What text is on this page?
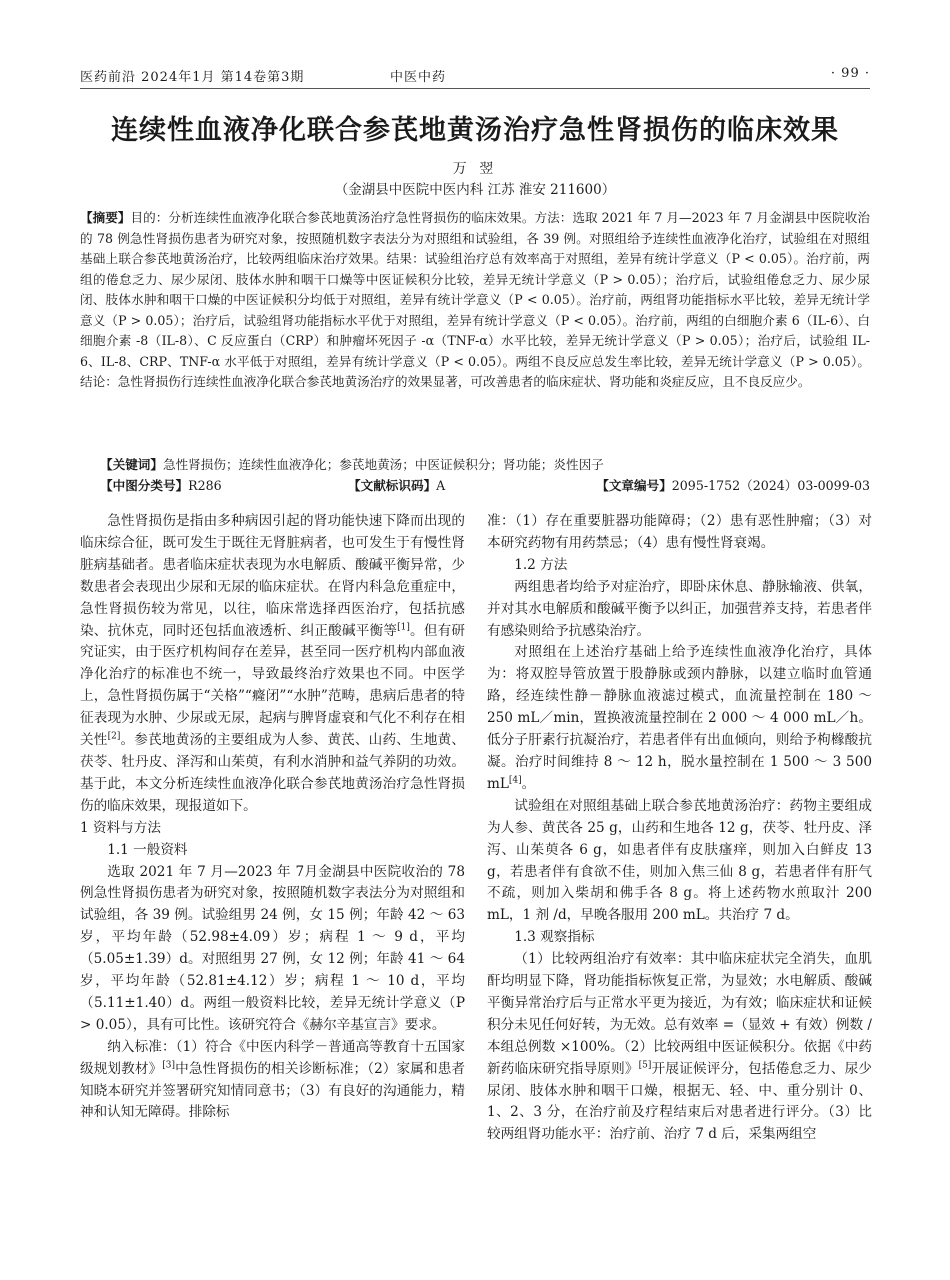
医药前沿 2024年1月 第14卷第3期	中医中药	· 99 ·
连续性血液净化联合参芪地黄汤治疗急性肾损伤的临床效果
万 翌
（金湖县中医院中医内科 江苏 淮安 211600）
【摘要】目的：分析连续性血液净化联合参芪地黄汤治疗急性肾损伤的临床效果。方法：选取 2021 年 7 月—2023 年 7 月金湖县中医院收治的 78 例急性肾损伤患者为研究对象，按照随机数字表法分为对照组和试验组，各 39 例。对照组给予连续性血液净化治疗，试验组在对照组基础上联合参芪地黄汤治疗，比较两组临床治疗效果。结果：试验组治疗总有效率高于对照组，差异有统计学意义（P < 0.05）。治疗前，两组的倦怠乏力、尿少尿闭、肢体水肿和咽干口燥等中医证候积分比较，差异无统计学意义（P > 0.05）；治疗后，试验组倦怠乏力、尿少尿闭、肢体水肿和咽干口燥的中医证候积分均低于对照组，差异有统计学意义（P < 0.05）。治疗前，两组肾功能指标水平比较，差异无统计学意义（P > 0.05）；治疗后，试验组肾功能指标水平优于对照组，差异有统计学意义（P < 0.05）。治疗前，两组的白细胞介素 6（IL-6）、白细胞介素 -8（IL-8）、C 反应蛋白（CRP）和肿瘤坏死因子 -α（TNF-α）水平比较，差异无统计学意义（P > 0.05）；治疗后，试验组 IL-6、IL-8、CRP、TNF-α 水平低于对照组，差异有统计学意义（P < 0.05）。两组不良反应总发生率比较，差异无统计学意义（P > 0.05）。结论：急性肾损伤行连续性血液净化联合参芪地黄汤治疗的效果显著，可改善患者的临床症状、肾功能和炎症反应，且不良反应少。
【关键词】急性肾损伤；连续性血液净化；参芪地黄汤；中医证候积分；肾功能；炎性因子
【中图分类号】R286	【文献标识码】A	【文章编号】2095-1752（2024）03-0099-03

急性肾损伤是指由多种病因引起的肾功能快速下降而出现的临床综合征，既可发生于既往无肾脏病者，也可发生于有慢性肾脏病基础者。患者临床症状表现为水电解质、酸碱平衡异常，少数患者会表现出少尿和无尿的临床症状。在肾内科急危重症中，急性肾损伤较为常见，以往，临床常选择西医治疗，包括抗感染、抗休克，同时还包括血液透析、纠正酸碱平衡等[1]。但有研究证实，由于医疗机构间存在差异，甚至同一医疗机构内部血液净化治疗的标准也不统一，导致最终治疗效果也不同。中医学上，急性肾损伤属于“关格”“癃闭”“水肿”范畴，患病后患者的特征表现为水肿、少尿或无尿，起病与脾肾虚衰和气化不利存在相关性[2]。参芪地黄汤的主要组成为人参、黄芪、山药、生地黄、茯苓、牡丹皮、泽泻和山茱萸，有利水消肿和益气养阴的功效。基于此，本文分析连续性血液净化联合参芪地黄汤治疗急性肾损伤的临床效果，现报道如下。

1 资料与方法

1.1 一般资料

选取 2021 年 7 月—2023 年 7月金湖县中医院收治的 78 例急性肾损伤患者为研究对象，按照随机数字表法分为对照组和试验组，各 39 例。试验组男 24 例，女 15 例；年龄 42 ～ 63 岁，平均年龄（52.98±4.09）岁；病程 1 ～ 9 d，平均（5.05±1.39）d。对照组男 27 例，女 12 例；年龄 41 ～ 64 岁，平均年龄（52.81±4.12）岁；病程 1 ～ 10 d，平均（5.11±1.40）d。两组一般资料比较，差异无统计学意义（P > 0.05），具有可比性。该研究符合《赫尔辛基宣言》要求。

纳入标准：（1）符合《中医内科学－普通高等教育十五国家级规划教材》[3]中急性肾损伤的相关诊断标准；（2）家属和患者知晓本研究并签署研究知情同意书；（3）有良好的沟通能力，精神和认知无障碍。排除标

准：（1）存在重要脏器功能障碍；（2）患有恶性肿瘤；（3）对本研究药物有用药禁忌；（4）患有慢性肾衰竭。

1.2 方法

两组患者均给予对症治疗，即卧床休息、静脉输液、供氧，并对其水电解质和酸碱平衡予以纠正，加强营养支持，若患者伴有感染则给予抗感染治疗。

对照组在上述治疗基础上给予连续性血液净化治疗，具体为：将双腔导管放置于股静脉或颈内静脉，以建立临时血管通路，经连续性静－静脉血液滤过模式，血流量控制在 180 ～ 250 mL／min，置换液流量控制在 2 000 ～ 4 000 mL／h。低分子肝素行抗凝治疗，若患者伴有出血倾向，则给予枸橼酸抗凝。治疗时间维持 8 ～ 12 h，脱水量控制在 1 500 ～ 3 500 mL[4]。

试验组在对照组基础上联合参芪地黄汤治疗：药物主要组成为人参、黄芪各 25 g，山药和生地各 12 g，茯苓、牡丹皮、泽泻、山茱萸各 6 g，如患者伴有皮肤瘙痒，则加入白鲜皮 13 g，若患者伴有食欲不佳，则加入焦三仙 8 g，若患者伴有肝气不疏，则加入柴胡和佛手各 8 g。将上述药物水煎取汁 200 mL，1 剂 /d，早晚各服用 200 mL。共治疗 7 d。

1.3 观察指标

（1）比较两组治疗有效率：其中临床症状完全消失，血肌酐均明显下降，肾功能指标恢复正常，为显效；水电解质、酸碱平衡异常治疗后与正常水平更为接近，为有效；临床症状和证候积分未见任何好转，为无效。总有效率 =（显效 + 有效）例数 / 本组总例数 ×100%。（2）比较两组中医证候积分。依据《中药新药临床研究指导原则》[5]开展证候评分，包括倦怠乏力、尿少尿闭、肢体水肿和咽干口燥，根据无、轻、中、重分别计 0、1、2、3 分，在治疗前及疗程结束后对患者进行评分。（3）比较两组肾功能水平：治疗前、治疗 7 d 后，采集两组空
